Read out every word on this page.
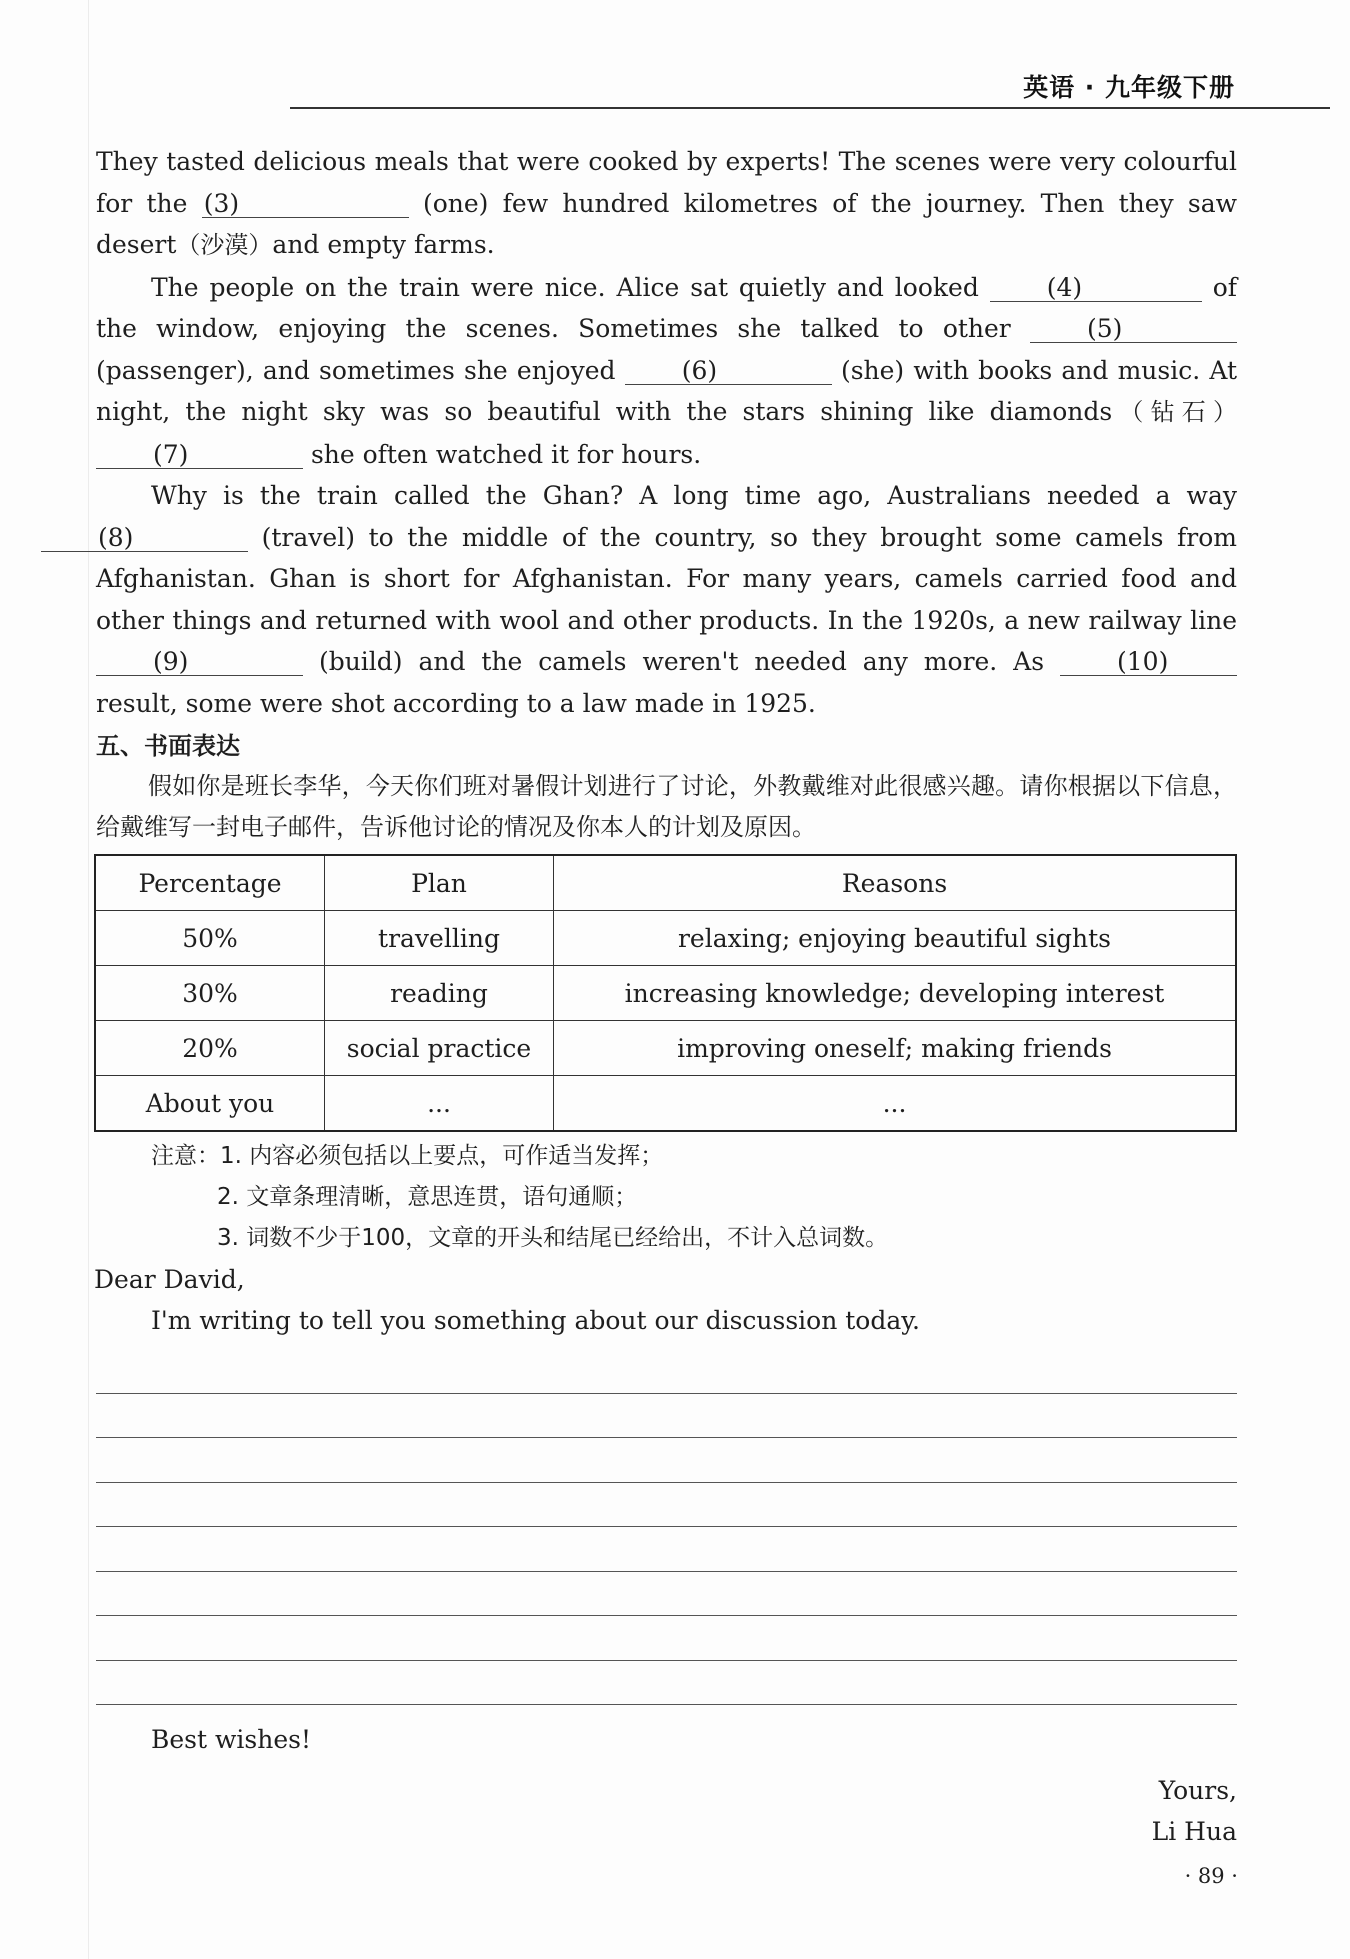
英语 · 九年级下册

They tasted delicious meals that were cooked by experts! The scenes were very colourful for the (3)	(one) few hundred kilometres of the journey. Then they saw desert（沙漠）and empty farms.

The people on the train were nice. Alice sat quietly and looked	(4)	of the window, enjoying the scenes. Sometimes she talked to other	(5) (passenger), and sometimes she enjoyed	(6)	(she) with books and music. At night, the night sky was so beautiful with the stars shining like diamonds（钻石）(7)	she often watched it for hours.

Why is the train called the Ghan? A long time ago, Australians needed a way (8)	(travel) to the middle of the country, so they brought some camels from Afghanistan. Ghan is short for Afghanistan. For many years, camels carried food and other things and returned with wool and other products. In the 1920s, a new railway line (9)	(build) and the camels weren't needed any more. As	(10) result, some were shot according to a law made in 1925.

五、书面表达

假如你是班长李华，今天你们班对暑假计划进行了讨论，外教戴维对此很感兴趣。请你根据以下信息，给戴维写一封电子邮件，告诉他讨论的情况及你本人的计划及原因。

Percentage	Plan	Reasons
50%	travelling	relaxing; enjoying beautiful sights
30%	reading	increasing knowledge; developing interest
20%	social practice	improving oneself; making friends
About you	...	...
注意：1. 内容必须包括以上要点，可作适当发挥；
2. 文章条理清晰，意思连贯，语句通顺；
3. 词数不少于100，文章的开头和结尾已经给出，不计入总词数。
Dear David,
I'm writing to tell you something about our discussion today.
Best wishes!
Yours,
Li Hua
· 89 ·
